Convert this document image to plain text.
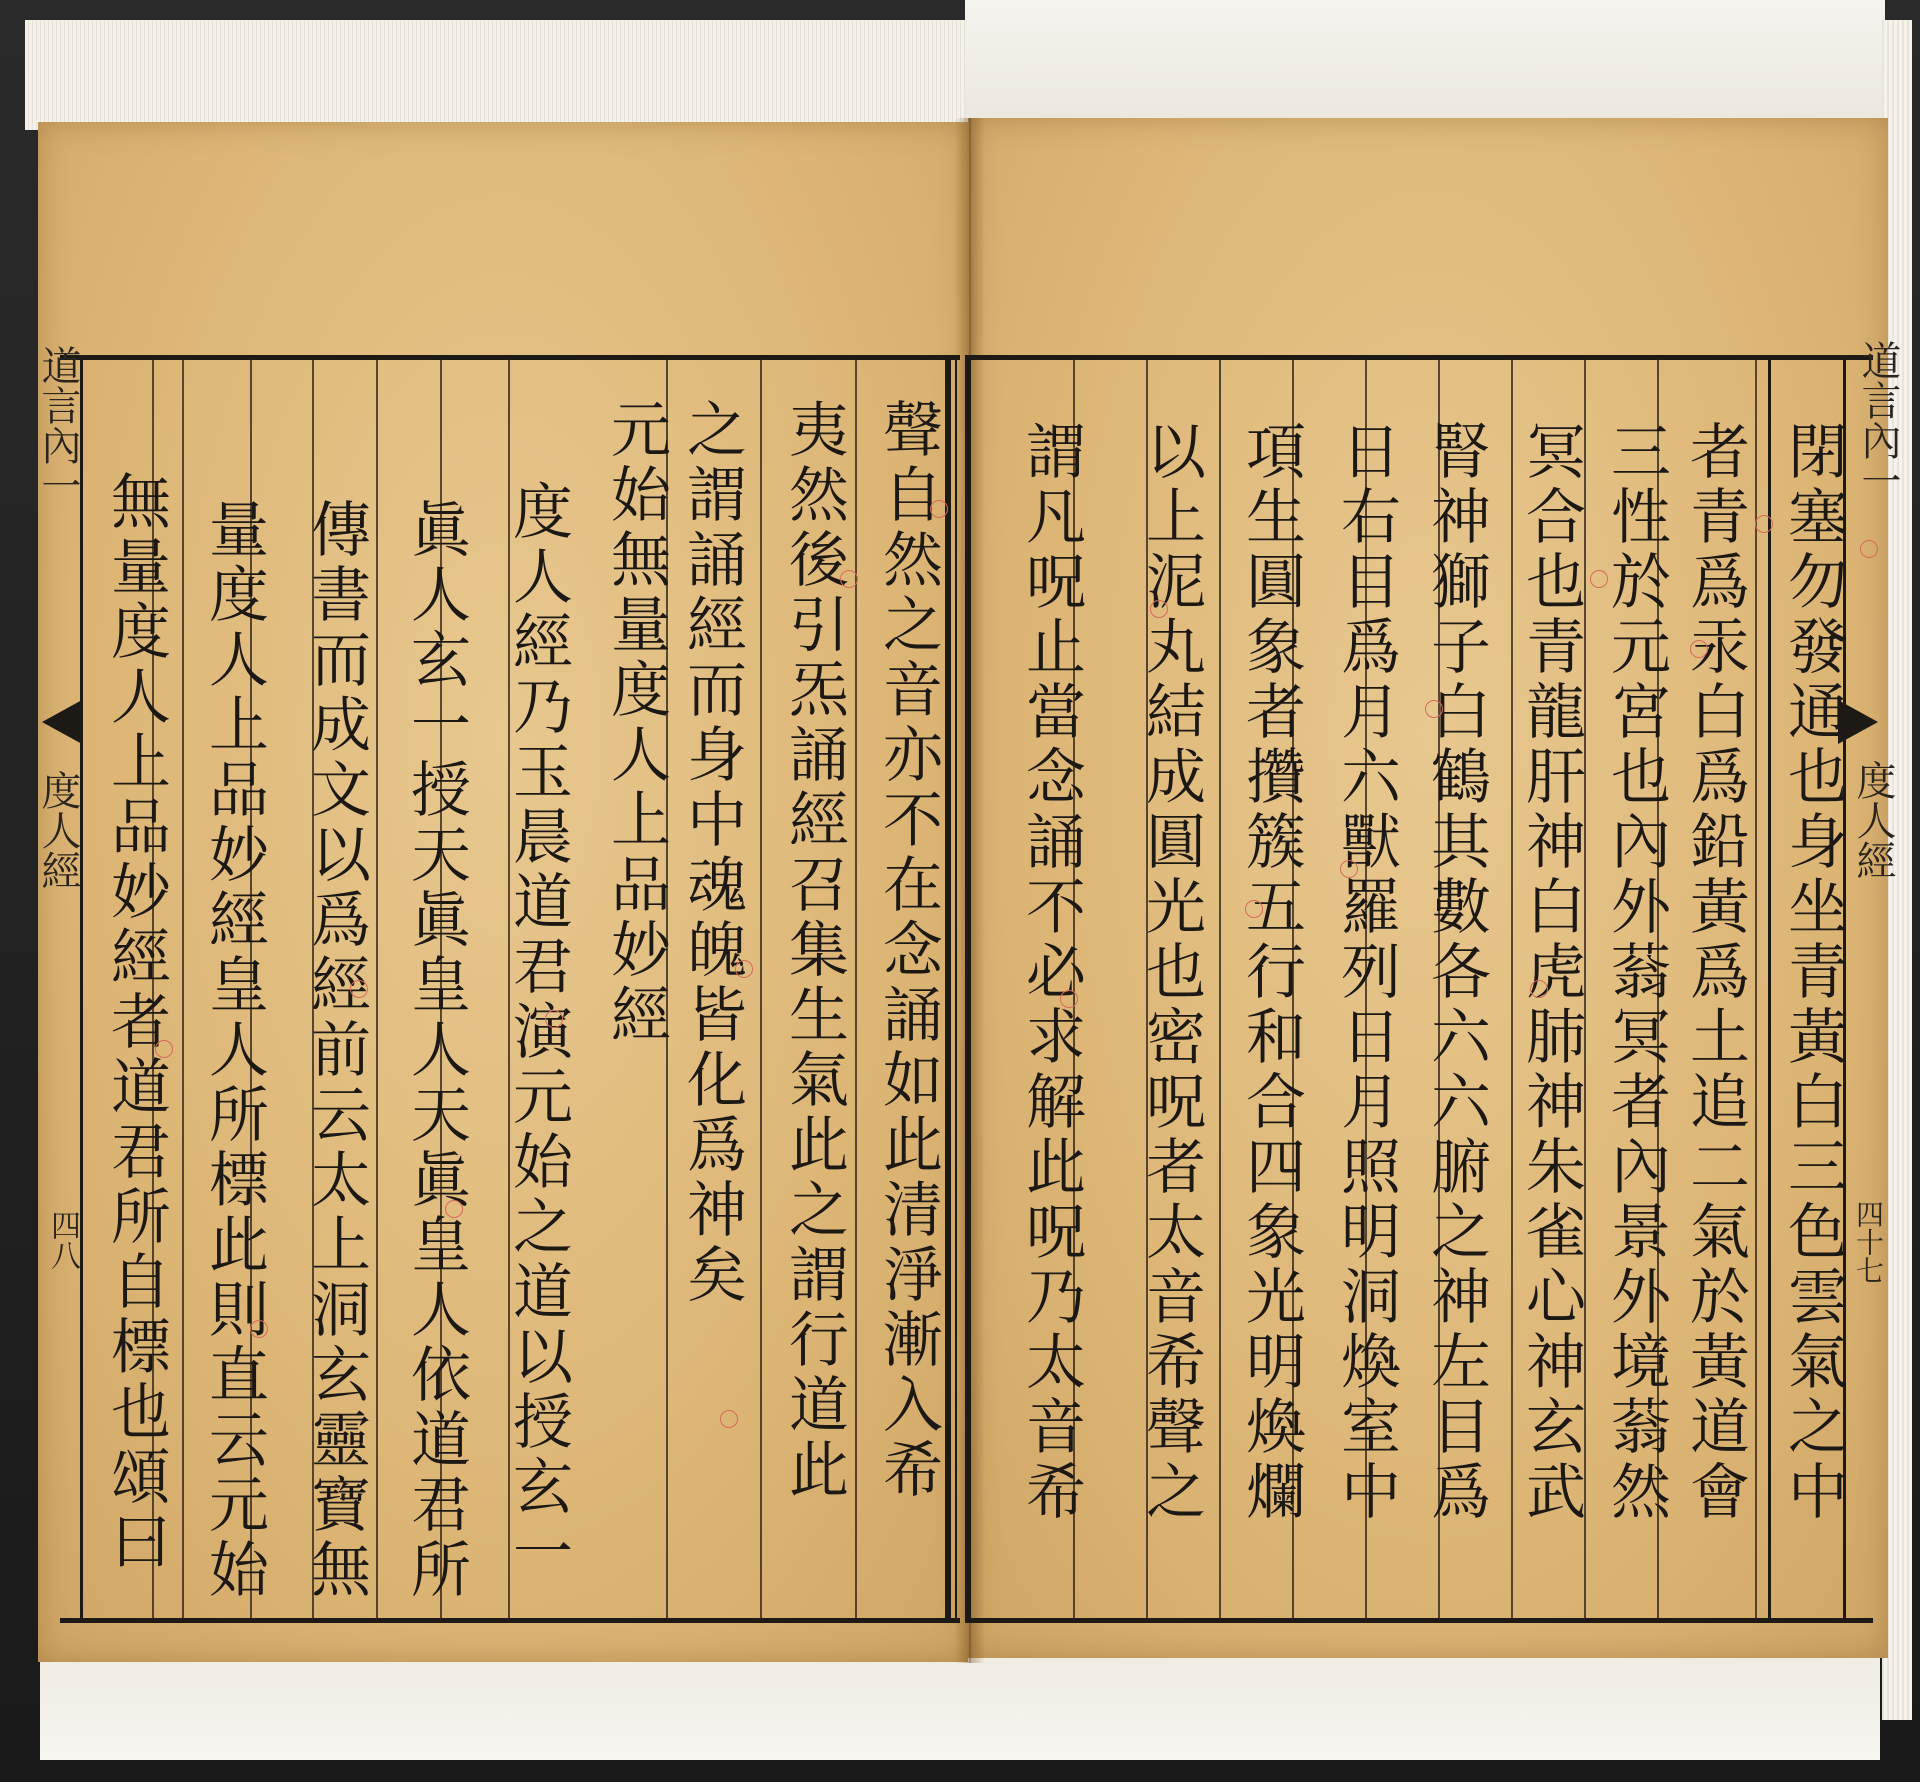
道言內一
度人經
四十七
道言內一
度人經
四八	閉塞勿發通也身坐青黃白三色雲氣之中
者青爲汞白爲鉛黃爲土追二氣於黃道會
三性於元宮也內外蓊冥者內景外境蓊然
冥合也青龍肝神白虎肺神朱雀心神玄武
腎神獅子白鶴其數各六六腑之神左目爲
日右目爲月六獸羅列日月照明洞煥室中
項生圓象者攢簇五行和合四象光明煥爛
以上泥丸結成圓光也密呪者太音希聲之
謂凡呪止當念誦不必求解此呪乃太音希
聲自然之音亦不在念誦如此清淨漸入希
夷然後引炁誦經召集生氣此之謂行道此
之謂誦經而身中魂魄皆化爲神矣
元始無量度人上品妙經
度人經乃玉晨道君演元始之道以授玄一
眞人玄一授天眞皇人天眞皇人依道君所
傳書而成文以爲經前云太上洞玄靈寶無
量度人上品妙經皇人所標此則直云元始
無量度人上品妙經者道君所自標也頌曰
